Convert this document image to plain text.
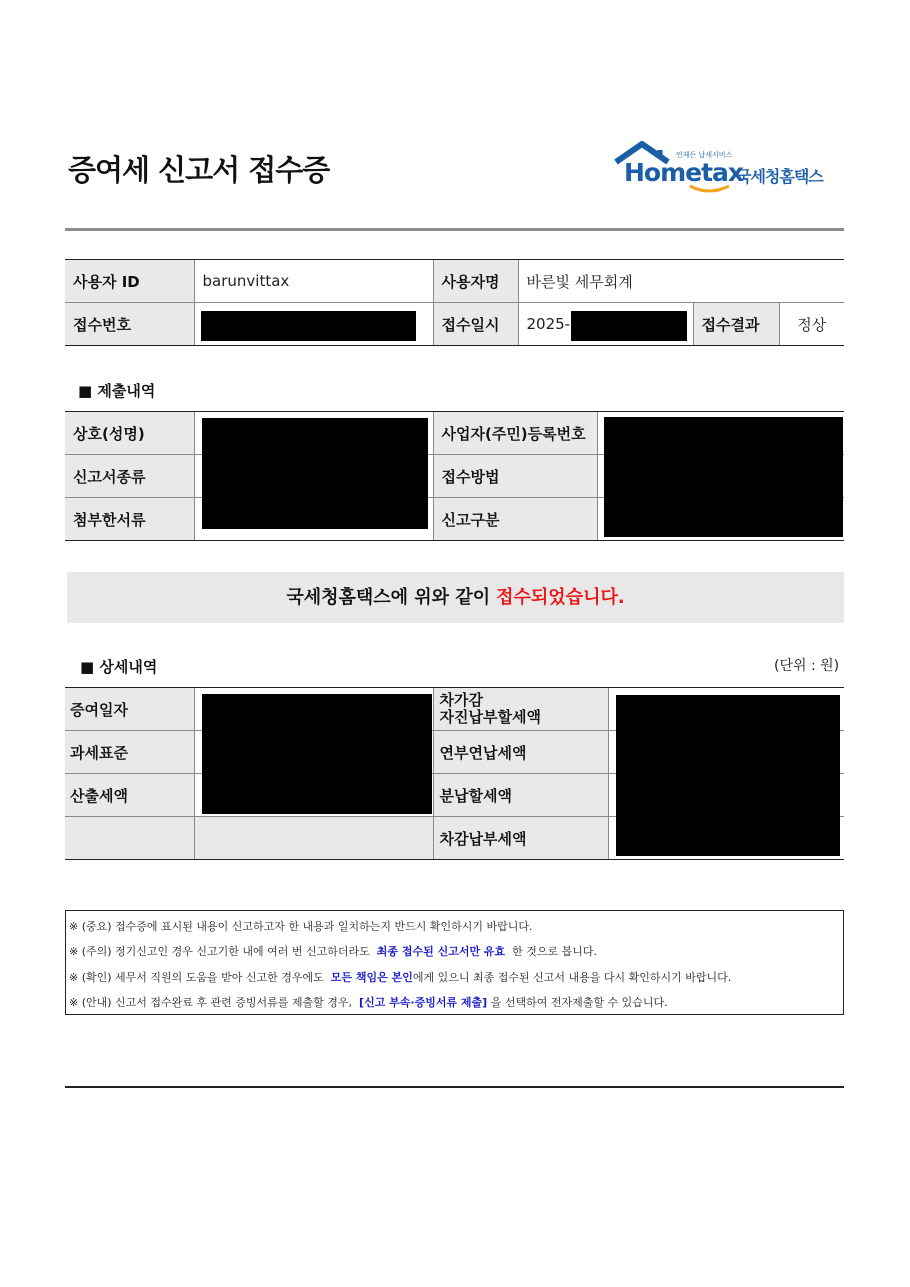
증여세 신고서 접수증	언제든 납세서비스
Hometax
국세청홈택스
사용자 ID	barunvittax	사용자명	바른빛 세무회계		
접수번호		접수일시	2025-	접수결과	정상
■ 제출내역
상호(성명)		사업자(주민)등록번호	
신고서종류		접수방법	
첨부한서류		신고구분	
국세청홈택스에 위와 같이 접수되었습니다.
■ 상세내역	(단위 : 원)
증여일자		차가감
자진납부할세액	

과세표준		연부연납세액	
산출세액		분납할세액	
		차감납부세액	
※ (중요) 접수증에 표시된 내용이 신고하고자 한 내용과 일치하는지 반드시 확인하시기 바랍니다.
※ (주의) 정기신고인 경우 신고기한 내에 여러 번 신고하더라도 최종 접수된 신고서만 유효 한 것으로 봅니다.
※ (확인) 세무서 직원의 도움을 받아 신고한 경우에도 모든 책임은 본인에게 있으니 최종 접수된 신고서 내용을 다시 확인하시기 바랍니다.
※ (안내) 신고서 접수완료 후 관련 증빙서류를 제출할 경우, [신고 부속·증빙서류 제출] 을 선택하여 전자제출할 수 있습니다.
